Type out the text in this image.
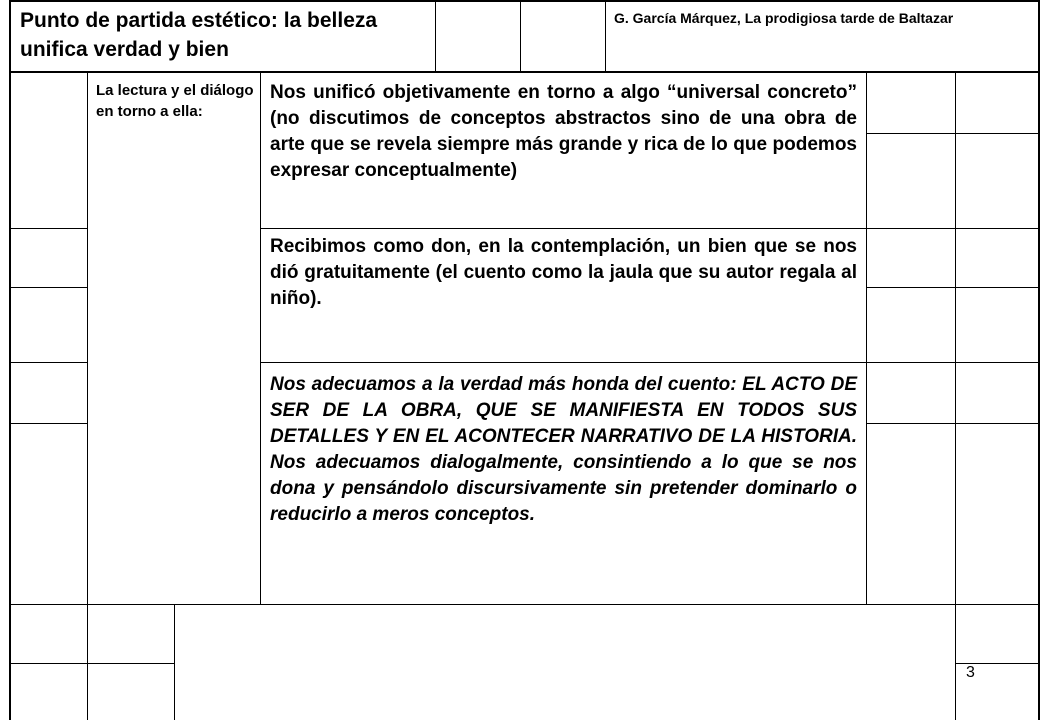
Punto de partida estético: la belleza unifica verdad y bien
G. García Márquez, La prodigiosa tarde de Baltazar
La lectura y el diálogo en torno a ella:
Nos unificó objetivamente en torno a algo “universal concreto” (no discutimos de conceptos abstractos sino de una obra de arte que se revela siempre más grande y rica de lo que podemos expresar conceptualmente)
Recibimos como don, en la contemplación, un bien que se nos dió gratuitamente (el cuento como la jaula que su autor regala al niño).
Nos adecuamos a la verdad más honda del cuento: EL ACTO DE SER DE LA OBRA, QUE SE MANIFIESTA EN TODOS SUS DETALLES Y EN EL ACONTECER NARRATIVO DE LA HISTORIA. Nos adecuamos dialogalmente, consintiendo a lo que se nos dona y pensándolo discursivamente sin pretender dominarlo o reducirlo a meros conceptos.
3
